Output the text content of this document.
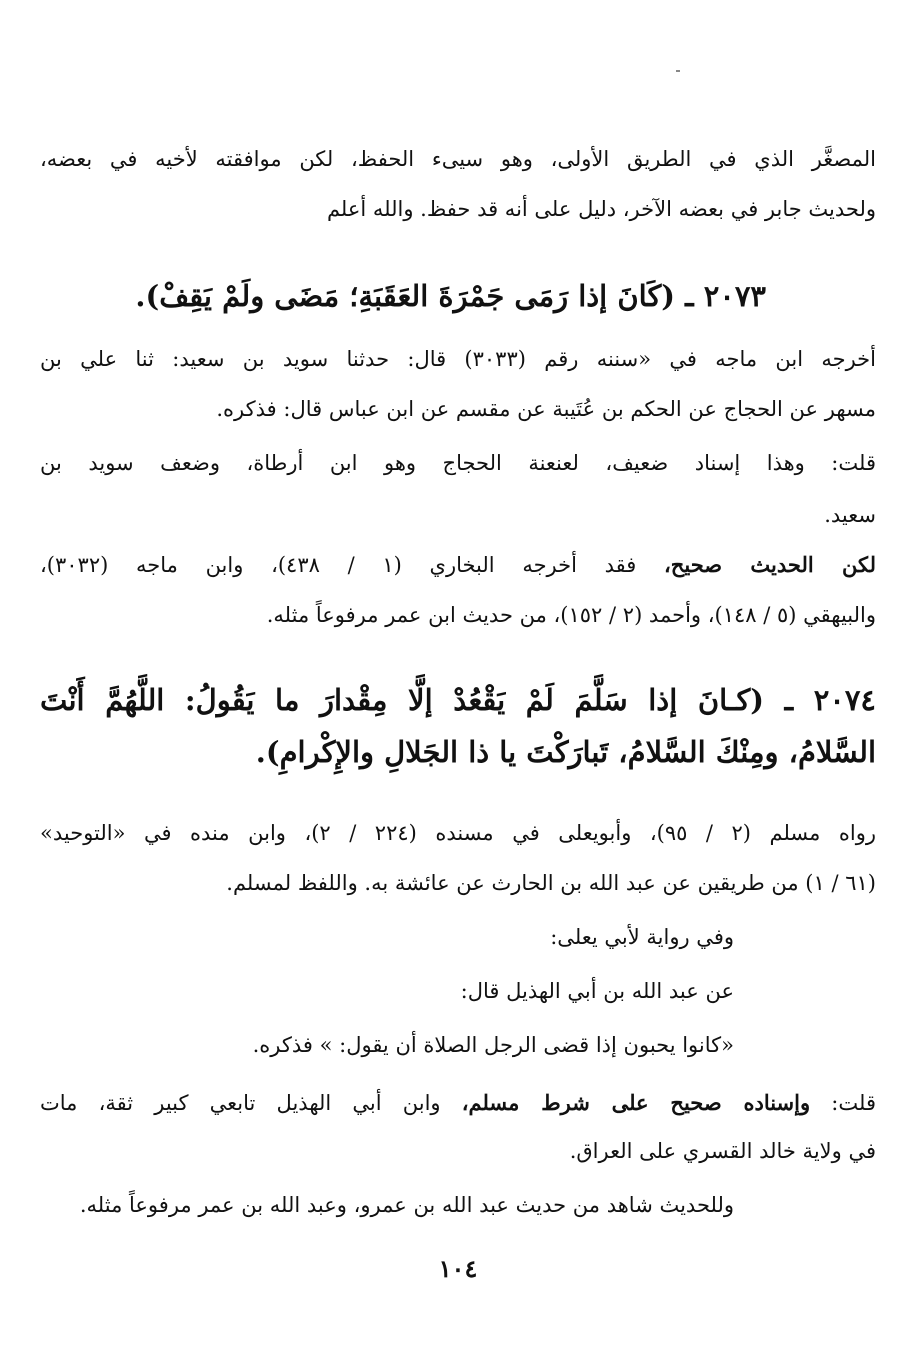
المصغَّر الذي في الطريق الأولى، وهو سيىء الحفظ، لكن موافقته لأخيه في بعضه،
ولحديث جابر في بعضه الآخر، دليل على أنه قد حفظ. والله أعلم
٢٠٧٣ ـ (كَانَ إذا رَمَى جَمْرَةَ العَقَبَةِ؛ مَضَى ولَمْ يَقِفْ).
أخرجه ابن ماجه في «سننه رقم (٣٠٣٣) قال: حدثنا سويد بن سعيد: ثنا علي بن
مسهر عن الحجاج عن الحكم بن عُتَيبة عن مقسم عن ابن عباس قال: فذكره.
قلت: وهذا إسناد ضعيف، لعنعنة الحجاج وهو ابن أرطاة، وضعف سويد بن
سعيد.
لكن الحديث صحيح، فقد أخرجه البخاري (١ / ٤٣٨)، وابن ماجه (٣٠٣٢)،
والبيهقي (٥ / ١٤٨)، وأحمد (٢ / ١٥٢)، من حديث ابن عمر مرفوعاً مثله.
٢٠٧٤ ـ (كـانَ إذا سَلَّمَ لَمْ يَقْعُدْ إلَّا مِقْدارَ ما يَقُولُ: اللَّهُمَّ أَنْتَ
السَّلامُ، ومِنْكَ السَّلامُ، تَبارَكْتَ يا ذا الجَلالِ والإِكْرامِ).
رواه مسلم (٢ / ٩٥)، وأبويعلى في مسنده (٢٢٤ / ٢)، وابن منده في «التوحيد»
(٦١ / ١) من طريقين عن عبد الله بن الحارث عن عائشة به. واللفظ لمسلم.
وفي رواية لأبي يعلى:
عن عبد الله بن أبي الهذيل قال:
«كانوا يحبون إذا قضى الرجل الصلاة أن يقول: » فذكره.
قلت: وإسناده صحيح على شرط مسلم، وابن أبي الهذيل تابعي كبير ثقة، مات
في ولاية خالد القسري على العراق.
وللحديث شاهد من حديث عبد الله بن عمرو، وعبد الله بن عمر مرفوعاً مثله.
١٠٤
